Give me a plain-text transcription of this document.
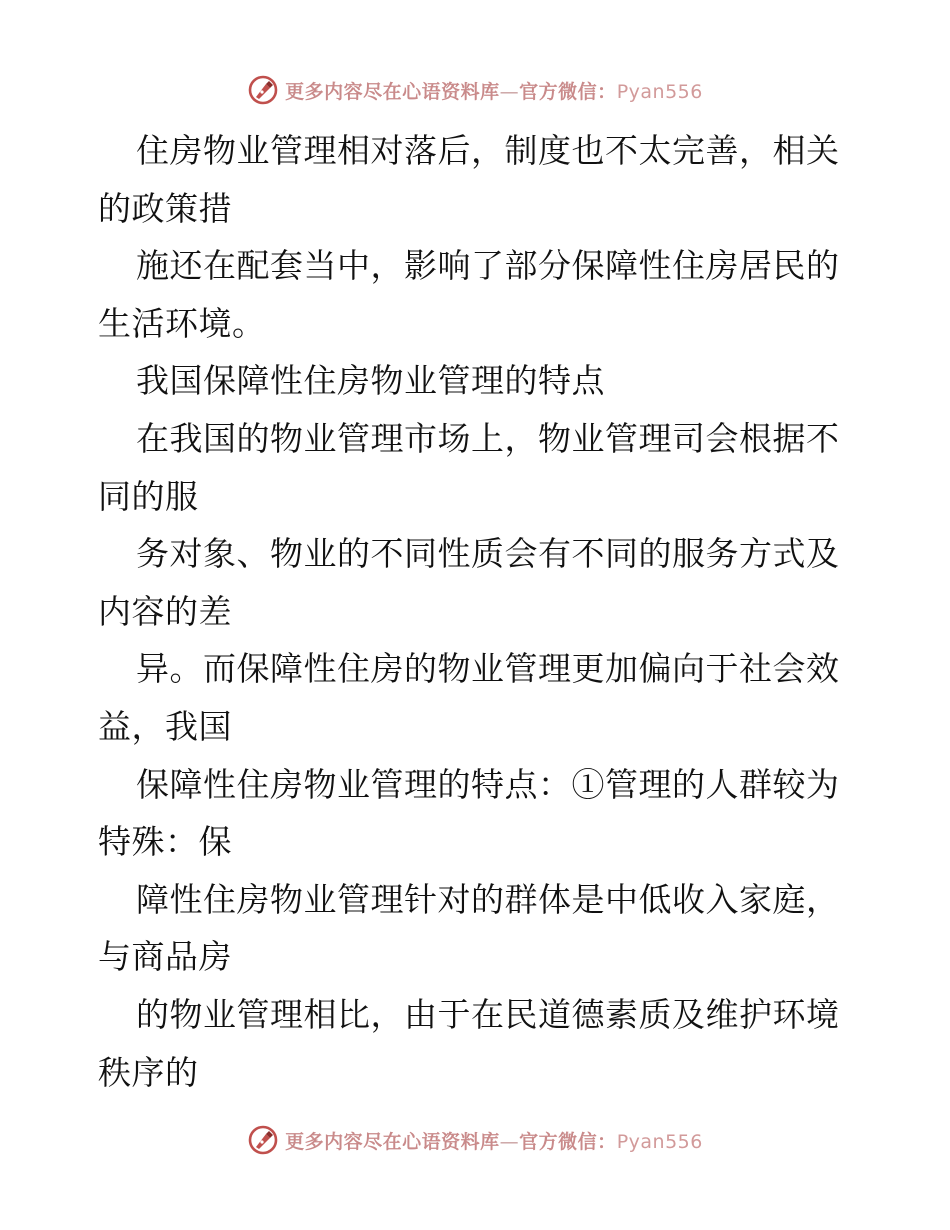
更多内容尽在心语资料库 — 官方微信： Pyan556
住房物业管理相对落后，制度也不太完善，相关
的政策措
施还在配套当中，影响了部分保障性住房居民的
生活环境。
我国保障性住房物业管理的特点
在我国的物业管理市场上，物业管理司会根据不
同的服
务对象、物业的不同性质会有不同的服务方式及
内容的差
异。而保障性住房的物业管理更加偏向于社会效
益，我国
保障性住房物业管理的特点：①管理的人群较为
特殊：保
障性住房物业管理针对的群体是中低收入家庭，
与商品房
的物业管理相比，由于在民道德素质及维护环境
秩序的
更多内容尽在心语资料库 — 官方微信： Pyan556
